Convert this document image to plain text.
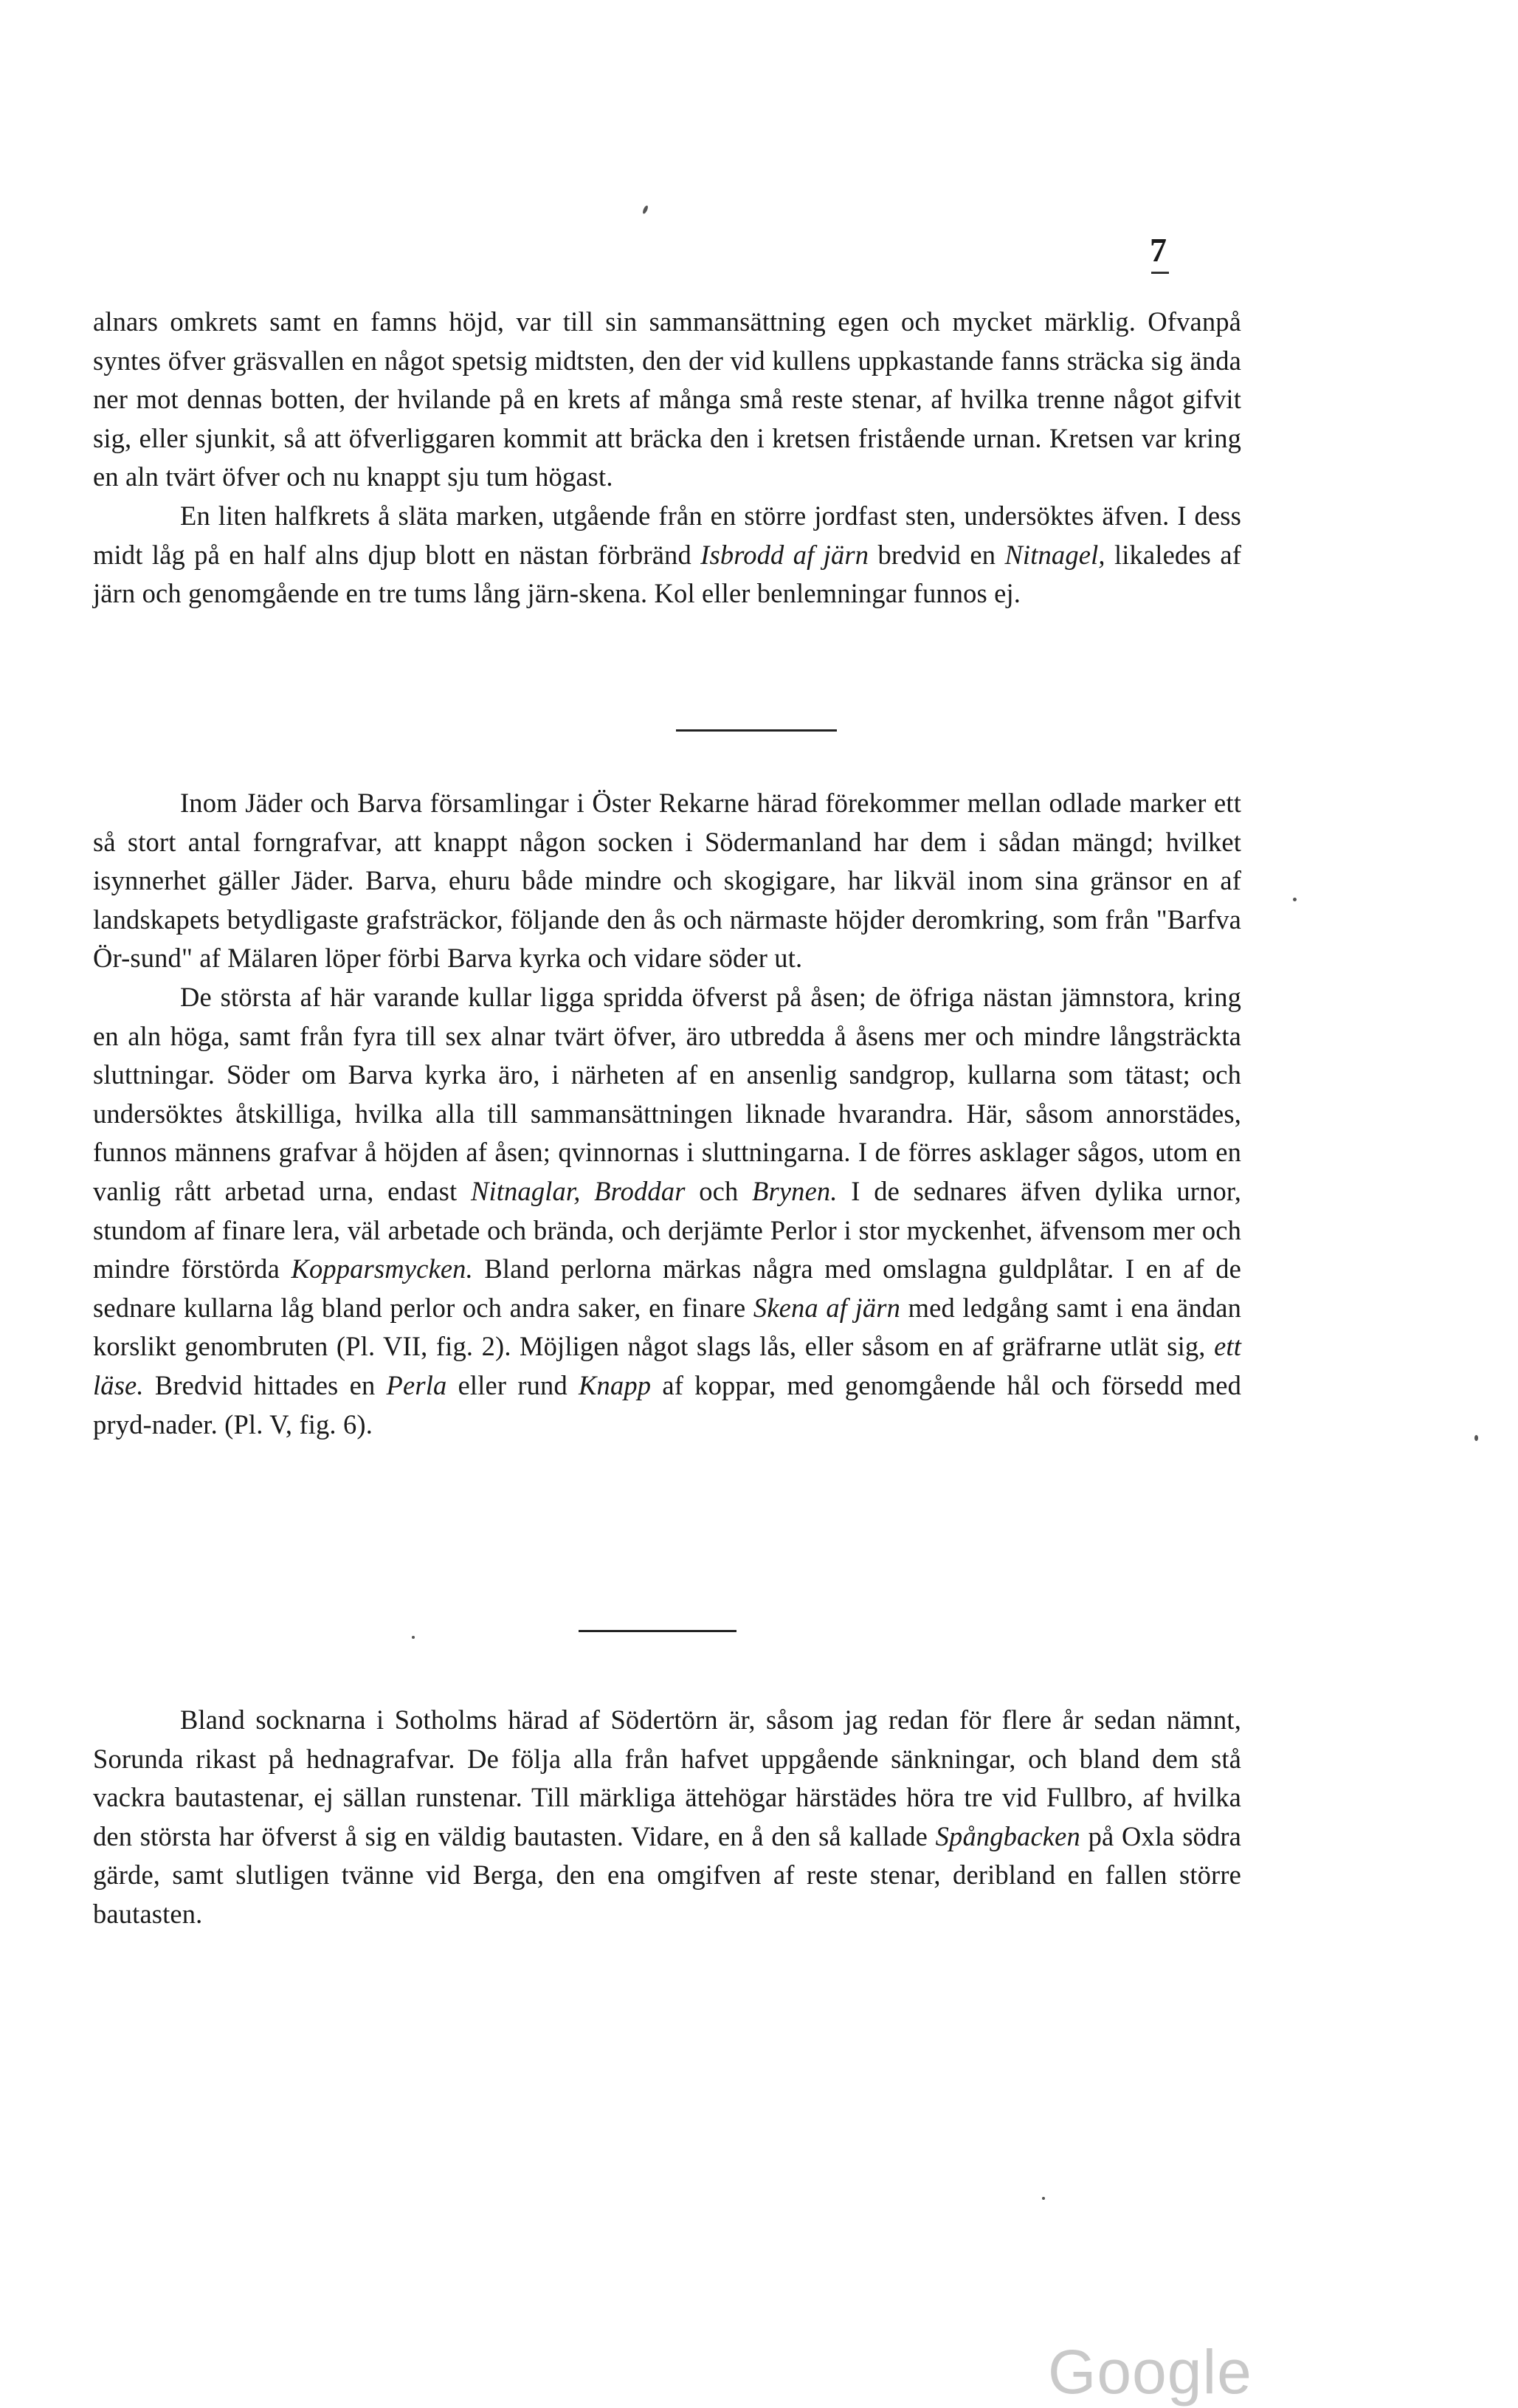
7

alnars omkrets samt en famns höjd, var till sin sammansättning egen och mycket märklig. Ofvanpå syntes öfver gräsvallen en något spetsig midtsten, den der vid kullens uppkastande fanns sträcka sig ända ner mot dennas botten, der hvilande på en krets af många små reste stenar, af hvilka trenne något gifvit sig, eller sjunkit, så att öfverliggaren kommit att bräcka den i kretsen fristående urnan. Kretsen var kring en aln tvärt öfver och nu knappt sju tum högast.

En liten halfkrets å släta marken, utgående från en större jordfast sten, undersöktes äfven. I dess midt låg på en half alns djup blott en nästan förbränd Isbrodd af järn bredvid en Nitnagel, likaledes af järn och genomgående en tre tums lång järn-skena. Kol eller benlemningar funnos ej.

Inom Jäder och Barva församlingar i Öster Rekarne härad förekommer mellan odlade marker ett så stort antal forngrafvar, att knappt någon socken i Södermanland har dem i sådan mängd; hvilket isynnerhet gäller Jäder. Barva, ehuru både mindre och skogigare, har likväl inom sina gränsor en af landskapets betydligaste grafsträckor, följande den ås och närmaste höjder deromkring, som från "Barfva Ör-sund" af Mälaren löper förbi Barva kyrka och vidare söder ut.

De största af här varande kullar ligga spridda öfverst på åsen; de öfriga nästan jämnstora, kring en aln höga, samt från fyra till sex alnar tvärt öfver, äro utbredda å åsens mer och mindre långsträckta sluttningar. Söder om Barva kyrka äro, i närheten af en ansenlig sandgrop, kullarna som tätast; och undersöktes åtskilliga, hvilka alla till sammansättningen liknade hvarandra. Här, såsom annorstädes, funnos männens grafvar å höjden af åsen; qvinnornas i sluttningarna. I de förres asklager sågos, utom en vanlig rått arbetad urna, endast Nitnaglar, Broddar och Brynen. I de sednares äfven dylika urnor, stundom af finare lera, väl arbetade och brända, och derjämte Perlor i stor myckenhet, äfvensom mer och mindre förstörda Kopparsmycken. Bland perlorna märkas några med omslagna guldplåtar. I en af de sednare kullarna låg bland perlor och andra saker, en finare Skena af järn med ledgång samt i ena ändan korslikt genombruten (Pl. VII, fig. 2). Möjligen något slags lås, eller såsom en af gräfrarne utlät sig, ett läse. Bredvid hittades en Perla eller rund Knapp af koppar, med genomgående hål och försedd med pryd-nader. (Pl. V, fig. 6).

Bland socknarna i Sotholms härad af Södertörn är, såsom jag redan för flere år sedan nämnt, Sorunda rikast på hednagrafvar. De följa alla från hafvet uppgående sänkningar, och bland dem stå vackra bautastenar, ej sällan runstenar. Till märkliga ättehögar härstädes höra tre vid Fullbro, af hvilka den största har öfverst å sig en väldig bautasten. Vidare, en å den så kallade Spångbacken på Oxla södra gärde, samt slutligen tvänne vid Berga, den ena omgifven af reste stenar, deribland en fallen större bautasten.

Google
